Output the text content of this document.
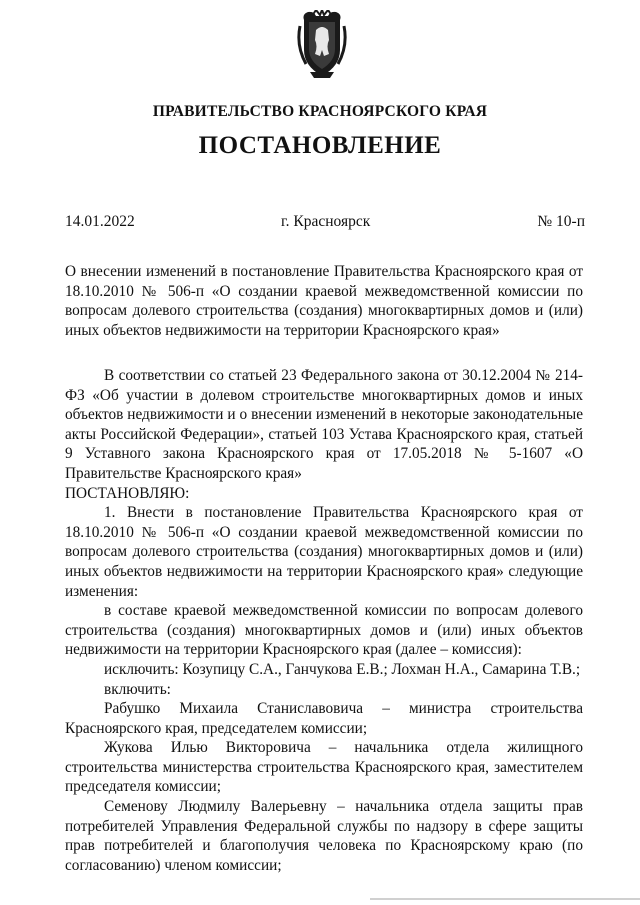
ПРАВИТЕЛЬСТВО КРАСНОЯРСКОГО КРАЯ
ПОСТАНОВЛЕНИЕ
14.01.2022	г. Красноярск	№ 10-п
О внесении изменений в постановление Правительства Красноярского края от 18.10.2010 № 506-п «О создании краевой межведомственной комиссии по вопросам долевого строительства (создания) многоквартирных домов и (или) иных объектов недвижимости на территории Красноярского края»

В соответствии со статьей 23 Федерального закона от 30.12.2004 № 214-ФЗ «Об участии в долевом строительстве многоквартирных домов и иных объектов недвижимости и о внесении изменений в некоторые законодательные акты Российской Федерации», статьей 103 Устава Красноярского края, статьей 9 Уставного закона Красноярского края от 17.05.2018 № 5-1607 «О Правительстве Красноярского края»

ПОСТАНОВЛЯЮ:

1. Внести в постановление Правительства Красноярского края от 18.10.2010 № 506-п «О создании краевой межведомственной комиссии по вопросам долевого строительства (создания) многоквартирных домов и (или) иных объектов недвижимости на территории Красноярского края» следующие изменения:

в составе краевой межведомственной комиссии по вопросам долевого строительства (создания) многоквартирных домов и (или) иных объектов недвижимости на территории Красноярского края (далее – комиссия):

исключить: Козупицу С.А., Ганчукова Е.В.; Лохман Н.А., Самарина Т.В.;

включить:

Рабушко Михаила Станиславовича – министра строительства Красноярского края, председателем комиссии;

Жукова Илью Викторовича – начальника отдела жилищного строительства министерства строительства Красноярского края, заместителем председателя комиссии;

Семенову Людмилу Валерьевну – начальника отдела защиты прав потребителей Управления Федеральной службы по надзору в сфере защиты прав потребителей и благополучия человека по Красноярскому краю (по согласованию) членом комиссии;
